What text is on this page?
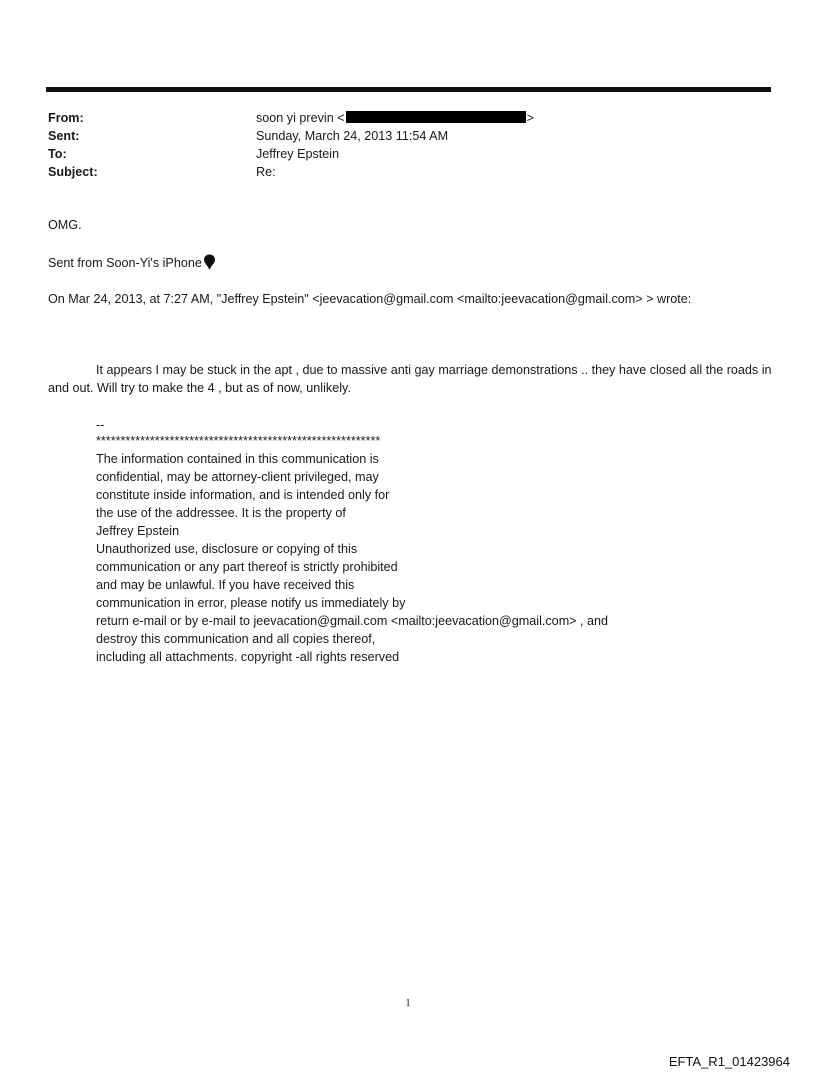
From:	soon yi previn <	>
Sent:	Sunday, March 24, 2013 11:54 AM
To:	Jeffrey Epstein
Subject:	Re:
OMG.
Sent from Soon-Yi's iPhone
On Mar 24, 2013, at 7:27 AM, "Jeffrey Epstein" <jeevacation@gmail.com <mailto:jeevacation@gmail.com> > wrote:
It appears I may be stuck in the apt , due to massive anti gay marriage demonstrations .. they have closed all the roads in and out. Will try to make the 4 , but as of now, unlikely.
--
**********************************************************
The information contained in this communication is
confidential, may be attorney-client privileged, may
constitute inside information, and is intended only for
the use of the addressee. It is the property of
Jeffrey Epstein
Unauthorized use, disclosure or copying of this
communication or any part thereof is strictly prohibited
and may be unlawful. If you have received this
communication in error, please notify us immediately by
return e-mail or by e-mail to jeevacation@gmail.com <mailto:jeevacation@gmail.com> , and
destroy this communication and all copies thereof,
including all attachments. copyright -all rights reserved
1
EFTA_R1_01423964
